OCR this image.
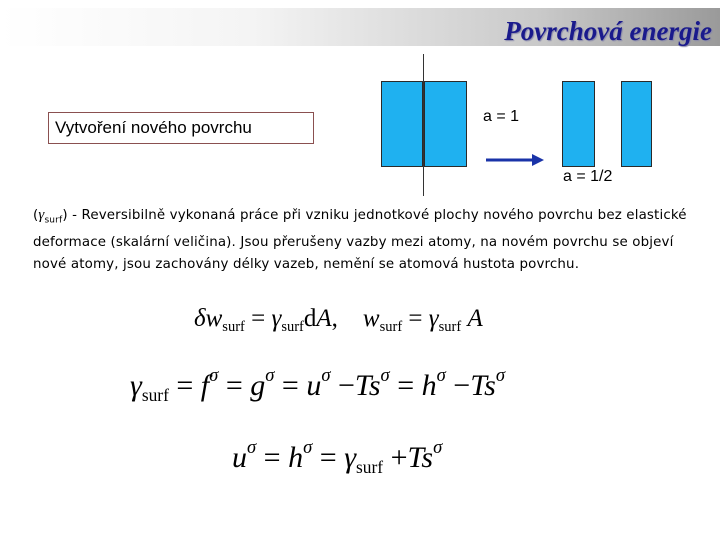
Povrchová energie
Vytvoření nového povrchu
a = 1
a = 1/2
$(\gamma_{surf})$ - Reversibilně vykonaná práce při vzniku jednotkové plochy nového povrchu bez elastické deformace (skalární veličina). Jsou přerušeny vazby mezi atomy, na novém povrchu se objeví nové atomy, jsou zachovány délky vazeb, nemění se atomová hustota povrchu.
$\delta w_{surf} = \gamma_{surf}dA$,    $w_{surf} = \gamma_{surf}$ A
$\gamma_{surf} = f^\sigma = g^\sigma = u^\sigma -Ts^\sigma = h^\sigma -Ts^\sigma$
$u^\sigma = h^\sigma = \gamma_{surf} +Ts^\sigma$
